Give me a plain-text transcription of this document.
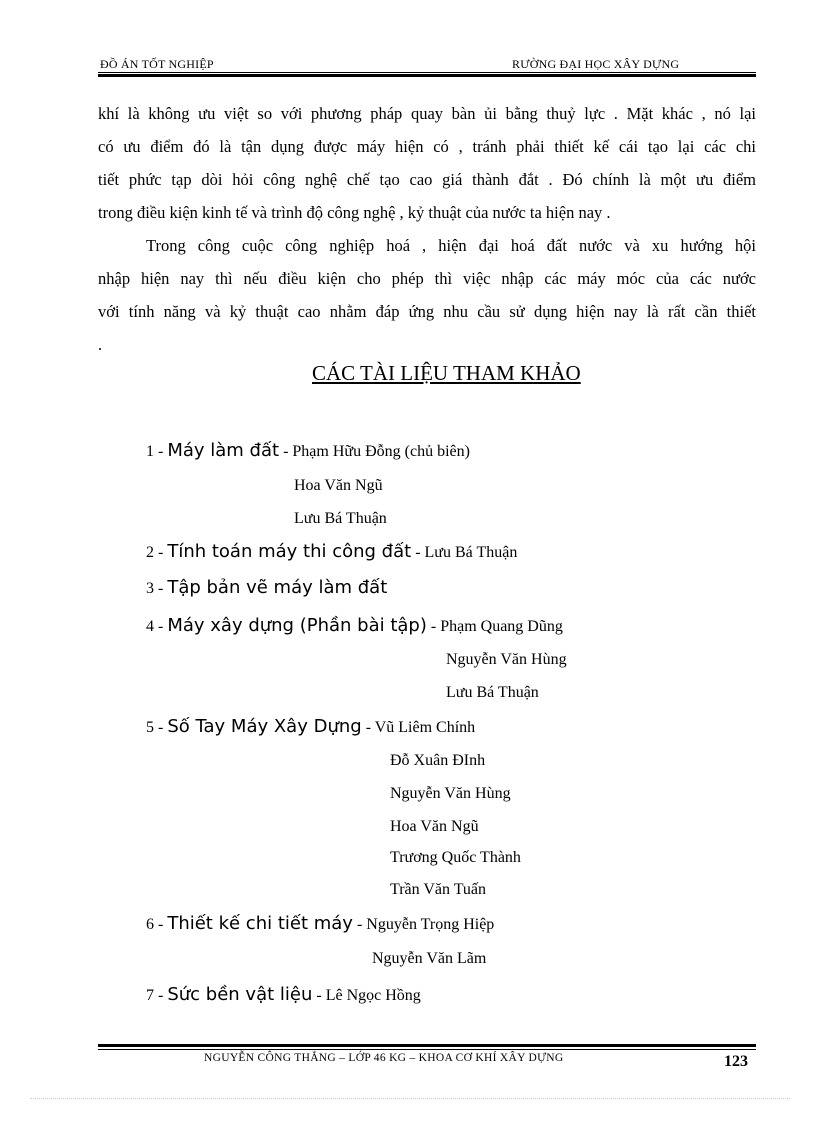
ĐỒ ÁN TỐT NGHIỆP	RƯỜNG ĐẠI HỌC XÂY DỰNG
khí là không ưu việt so với phương pháp quay bàn ủi bằng thuỷ lực . Mặt khác , nó lại
có ưu điểm đó là tận dụng được máy hiện có , tránh phải thiết kế cái tạo lại các chi
tiết phức tạp dòi hỏi công nghệ chế tạo cao giá thành đắt . Đó chính là một ưu điểm
trong điều kiện kinh tế và trình độ công nghệ , kỷ thuật của nước ta hiện nay .
Trong công cuộc công nghiệp hoá , hiện đại hoá đất nước và xu hướng hội
nhập hiện nay thì nếu điều kiện cho phép thì việc nhập các máy móc của các nước
với tính năng và kỷ thuật cao nhằm đáp ứng nhu cầu sử dụng hiện nay là rất cần thiết
.
CÁC TÀI LIỆU THAM KHẢO
1 - Máy làm đất - Phạm Hữu Đỗng (chủ biên)
Hoa Văn Ngũ
Lưu Bá Thuận
2 - Tính toán máy thi công đất - Lưu Bá Thuận
3 - Tập bản vẽ máy làm đất
4 - Máy xây dựng (Phần bài tập) - Phạm Quang Dũng
Nguyễn Văn Hùng
Lưu Bá Thuận
5 - Số Tay Máy Xây Dựng - Vũ Liêm Chính
Đỗ Xuân ĐInh
Nguyễn Văn Hùng
Hoa Văn Ngũ
Trương Quốc Thành
Trần Văn Tuấn
6 - Thiết kế chi tiết máy - Nguyễn Trọng Hiệp
Nguyễn Văn Lãm
7 - Sức bền vật liệu - Lê Ngọc Hồng
NGUYỄN CÔNG THẮNG – LỚP 46 KG – KHOA CƠ KHÍ XÂY DỰNG	123
